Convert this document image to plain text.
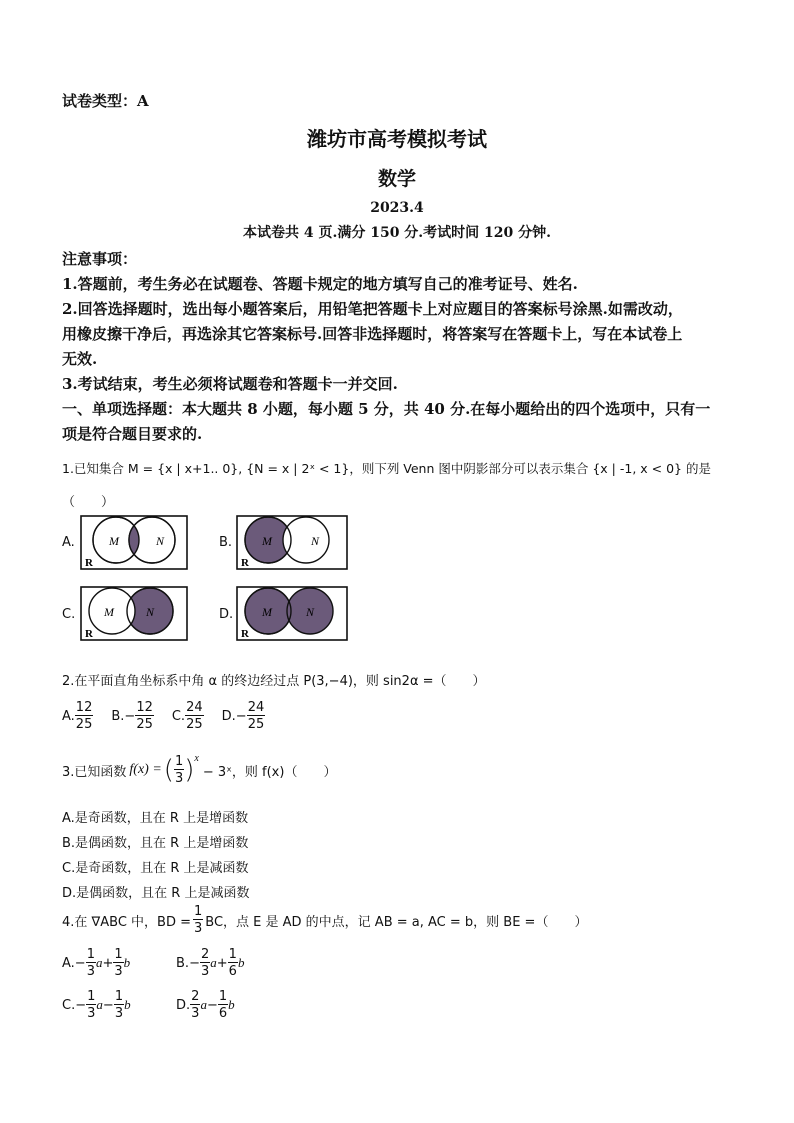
试卷类型：A
潍坊市高考模拟考试
数学
2023.4
本试卷共 4 页.满分 150 分.考试时间 120 分钟.
注意事项：
1.答题前，考生务必在试题卷、答题卡规定的地方填写自己的准考证号、姓名.
2.回答选择题时，选出每小题答案后，用铅笔把答题卡上对应题目的答案标号涂黑.如需改动，
用橡皮擦干净后，再选涂其它答案标号.回答非选择题时，将答案写在答题卡上，写在本试卷上
无效.
3.考试结束，考生必须将试题卷和答题卡一并交回.
一、单项选择题：本大题共 8 小题，每小题 5 分，共 40 分.在每小题给出的四个选项中，只有一
项是符合题目要求的.
1.已知集合 M = {x | x+1.. 0}, {N = x | 2ˣ < 1}，则下列 Venn 图中阴影部分可以表示集合 {x | -1, x < 0} 的是
（　　）
A.	M	N
R
B. M	N
R
C. M	N
R
D. M	N
R
2.在平面直角坐标系中角 α 的终边经过点 P(3,−4)，则 sin2α =（　　）
A. $\frac{12}{25} B$. − $\frac{12}{25} C$. $\frac{24}{25} D$. − $\frac{24}{25}$
3.已知函数 f(x) = ( $\frac{1}{3}$ ) x
− 3ˣ，则 f(x)（　　）
A.是奇函数，且在 R 上是增函数
B.是偶函数，且在 R 上是增函数
C.是奇函数，且在 R 上是减函数
D.是偶函数，且在 R 上是减函数
4.在 ∇ABC 中，BD = $\frac{1}{3}$ BC，点 E 是 AD 的中点，记 AB = a, AC = b，则 BE =（　　）
A. − $\frac{1}{3}$ $a + \frac{1}{3}$ b	B. − $\frac{2}{3}$ $a + \frac{1}{6}$ b
C. − $\frac{1}{3}$ $a - \frac{1}{3}$ b	D. $\frac{2}{3}$ $a - \frac{1}{6}$ b
